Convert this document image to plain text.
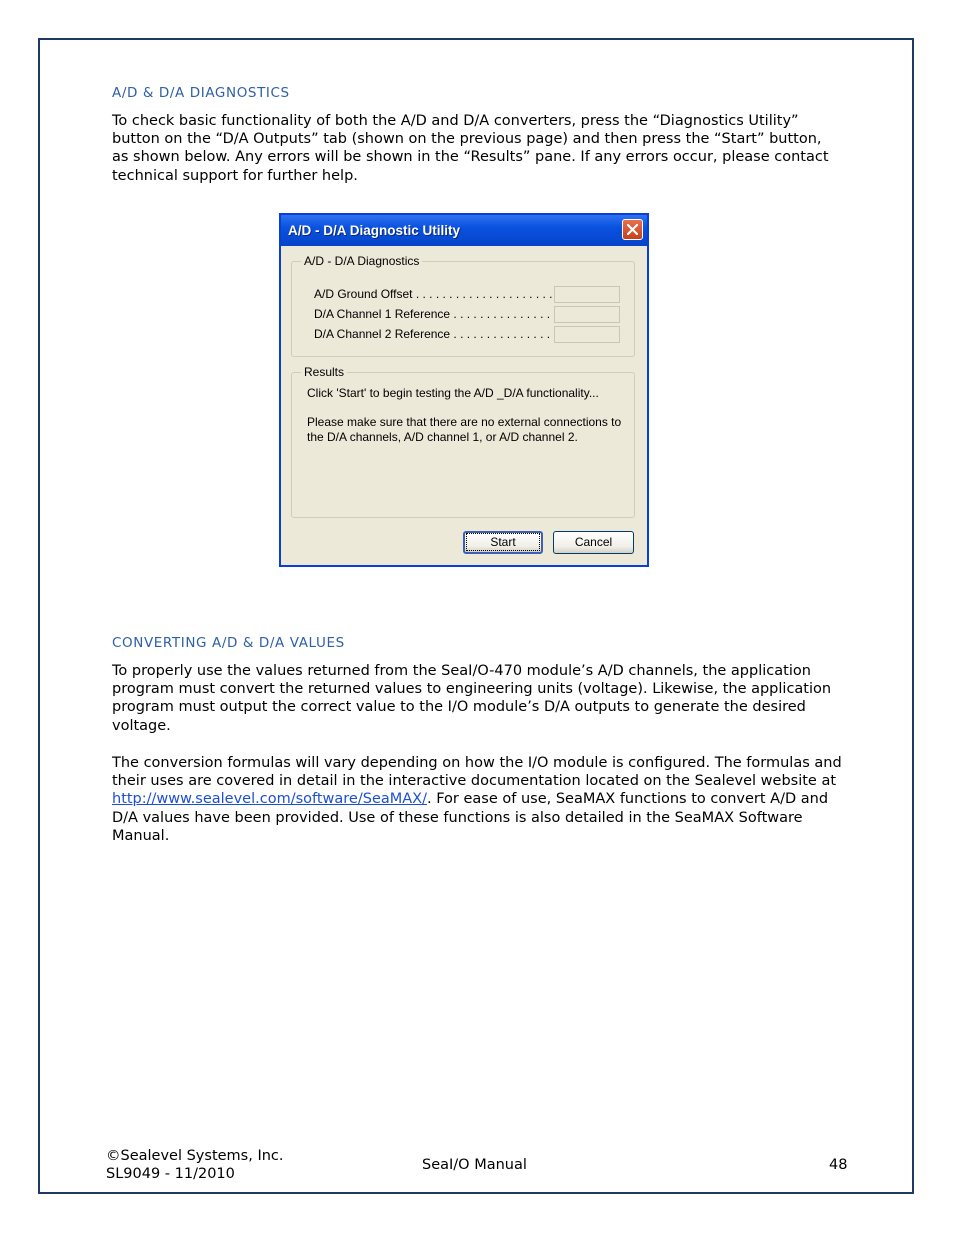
A/D & D/A DIAGNOSTICS
To check basic functionality of both the A/D and D/A converters, press the “Diagnostics Utility” button on the “D/A Outputs” tab (shown on the previous page) and then press the “Start” button, as shown below. Any errors will be shown in the “Results” pane. If any errors occur, please contact technical support for further help.
A/D - D/A Diagnostic Utility
A/D - D/A Diagnostics
A/D Ground Offset . . . . . . . . . . . . . . . . . . . . .
D/A Channel 1 Reference . . . . . . . . . . . . . . .
D/A Channel 2 Reference . . . . . . . . . . . . . . .
Results
Click 'Start' to begin testing the A/D _D/A functionality...
Please make sure that there are no external connections to the D/A channels, A/D channel 1, or A/D channel 2.
Start	Cancel
CONVERTING A/D & D/A VALUES
To properly use the values returned from the SeaI/O-470 module’s A/D channels, the application program must convert the returned values to engineering units (voltage). Likewise, the application program must output the correct value to the I/O module’s D/A outputs to generate the desired voltage.
The conversion formulas will vary depending on how the I/O module is configured. The formulas and their uses are covered in detail in the interactive documentation located on the Sealevel website at http://www.sealevel.com/software/SeaMAX/. For ease of use, SeaMAX functions to convert A/D and D/A values have been provided. Use of these functions is also detailed in the SeaMAX Software Manual.
©Sealevel Systems, Inc.
SL9049 - 11/2010
SeaI/O Manual	48
